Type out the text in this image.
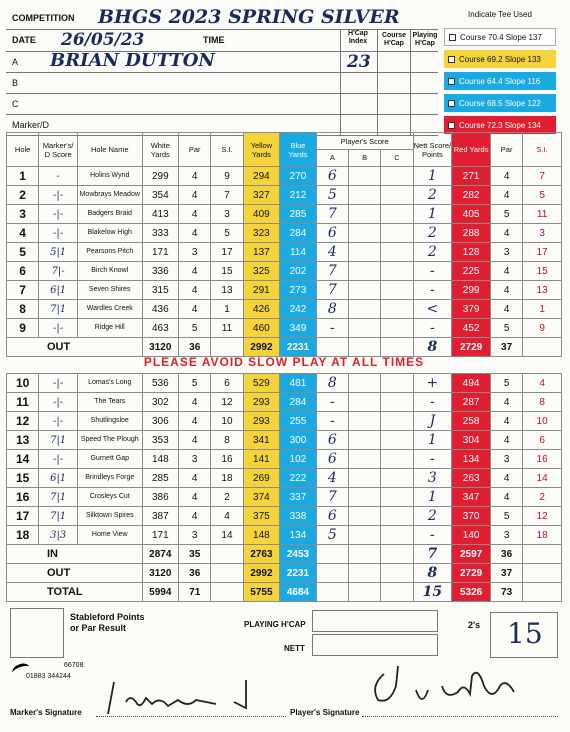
COMPETITION BHGS 2023 SPRING SILVER
DATE 26/05/23	TIME
H'Cap Index
Course H'Cap
Playing H'Cap
A BRIAN DUTTON	23
B
C
Marker/D
Indicate Tee Used
Course 70.4 Slope 137
Course 69.2 Slope 133
Course 64.4 Slope 116
Course 68.5 Slope 122
Course 72.3 Slope 134
Hole	Marker's/ D Score	Hole Name	White Yards	Par	S.I.	Yellow Yards	Blue Yards	Player's Score
A B C			Nett Score/ Points	Red Yards	Par	S.I.
1	-	Holins Wynd	299	4	9	294	270	6			1	271	4	7
2	-|-	Mowbrays Meadow	354	4	7	327	212	5			2	282	4	5
3	-|-	Badgers Braid	413	4	3	409	285	7			1	405	5	11
4	-|-	Blakelow High	333	4	5	323	284	6			2	288	4	3
5	5|1	Pearsons Pitch	171	3	17	137	114	4			2	128	3	17
6	7|-	Birch Knowl	336	4	15	325	202	7			-	225	4	15
7	6|1	Seven Shires	315	4	13	291	273	7			-	299	4	13
8	7|1	Wardles Creek	436	4	1	426	242	8			<	379	4	1
9	-|-	Ridge Hill	463	5	11	460	349	-			-	452	5	9
OUT			3120	36		2992	2231				8	2729	37	
PLEASE AVOID SLOW PLAY AT ALL TIMES
10	-|-	Lomas's Long	536	5	6	529	481	8			+	494	5	4
11	-|-	The Tears	302	4	12	293	284	-			-	287	4	8
12	-|-	Shutlingsloe	306	4	10	293	255	-			J	258	4	10
13	7|1	Speed The Plough	353	4	8	341	300	6			1	304	4	6
14	-|-	Gurnett Gap	148	3	16	141	102	6			-	134	3	16
15	6|1	Brindleys Forge	285	4	18	269	222	4			3	263	4	14
16	7|1	Crosleys Cut	386	4	2	374	337	7			1	347	4	2
17	7|1	Silktown Spires	387	4	4	375	338	6			2	370	5	12
18	3|3	Home View	171	3	14	148	134	5			-	140	3	18
IN			2874	35		2763	2453				7	2597	36	
OUT			3120	36		2992	2231				8	2729	37	
TOTAL			5994	71		5755	4684				15	5326	73	
Stableford Points or Par Result	PLAYING H'CAP
NETT
2's 15
66708
01883 344244
Marker's Signature	Player's Signature
